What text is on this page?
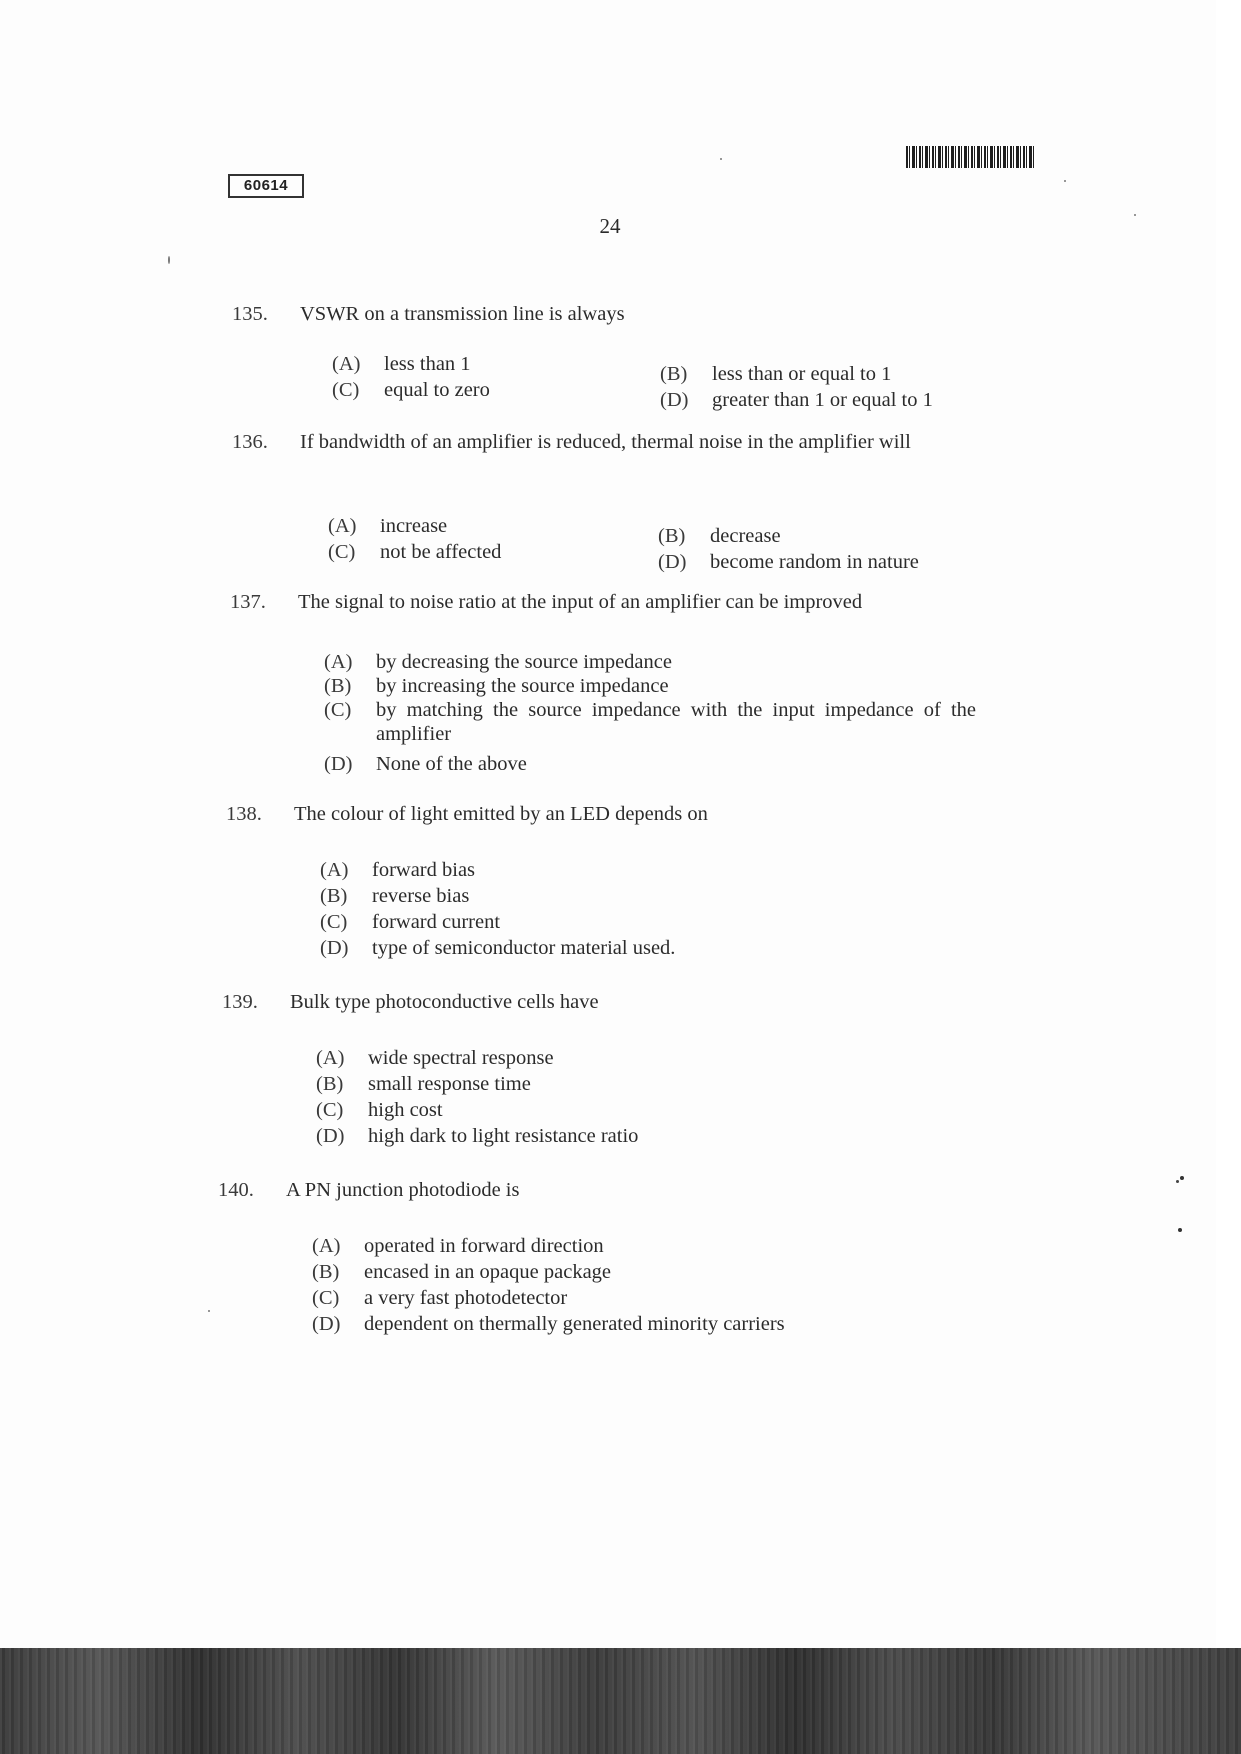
60614
24
135. VSWR on a transmission line is always
(A) less than 1	(B) less than or equal to 1
(C) equal to zero	(D) greater than 1 or equal to 1
136. If bandwidth of an amplifier is reduced, thermal noise in the amplifier will
(A) increase	(B) decrease
(C) not be affected	(D) become random in nature
137. The signal to noise ratio at the input of an amplifier can be improved
(A) by decreasing the source impedance
(B) by increasing the source impedance
(C) by matching the source impedance with the input impedance of the amplifier
(D) None of the above
138. The colour of light emitted by an LED depends on
(A) forward bias
(B) reverse bias
(C) forward current
(D) type of semiconductor material used.
139. Bulk type photoconductive cells have
(A) wide spectral response
(B) small response time
(C) high cost
(D) high dark to light resistance ratio
140. A PN junction photodiode is
(A) operated in forward direction
(B) encased in an opaque package
(C) a very fast photodetector
(D) dependent on thermally generated minority carriers
